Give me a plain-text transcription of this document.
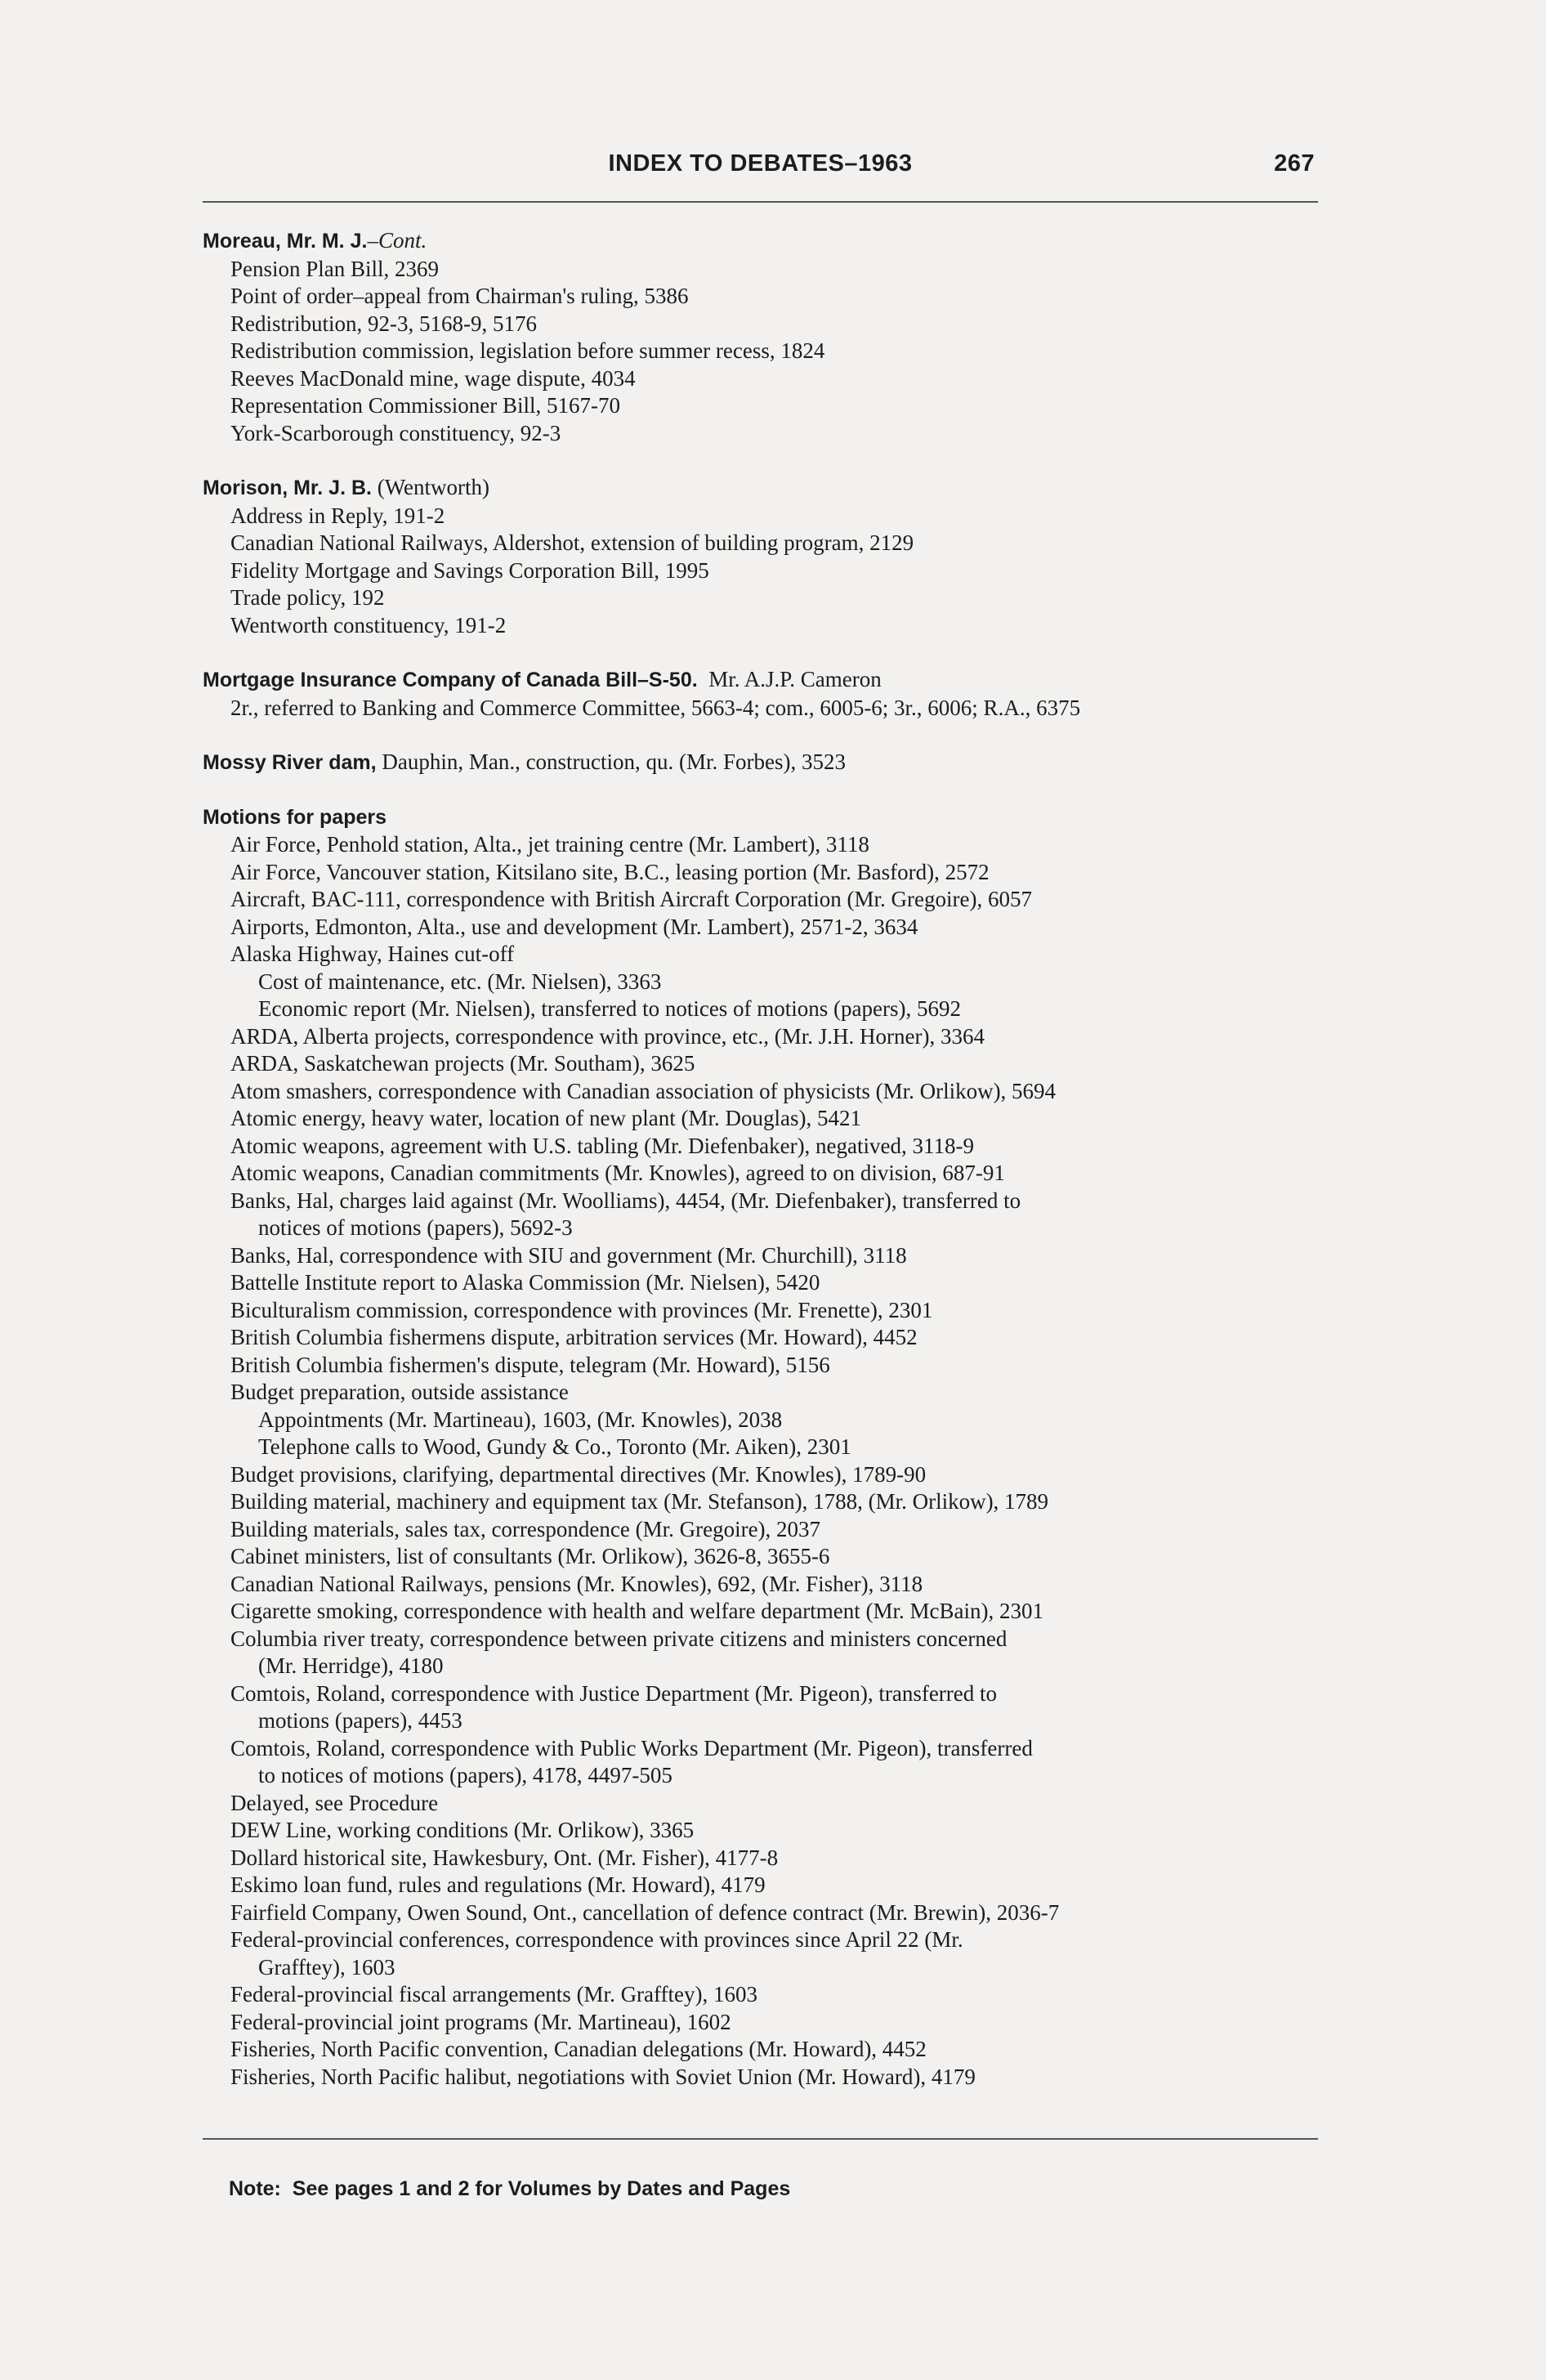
INDEX TO DEBATES–1963	267
Moreau, Mr. M. J.–Cont.
Pension Plan Bill, 2369
Point of order–appeal from Chairman's ruling, 5386
Redistribution, 92-3, 5168-9, 5176
Redistribution commission, legislation before summer recess, 1824
Reeves MacDonald mine, wage dispute, 4034
Representation Commissioner Bill, 5167-70
York-Scarborough constituency, 92-3
Morison, Mr. J. B. (Wentworth)
Address in Reply, 191-2
Canadian National Railways, Aldershot, extension of building program, 2129
Fidelity Mortgage and Savings Corporation Bill, 1995
Trade policy, 192
Wentworth constituency, 191-2
Mortgage Insurance Company of Canada Bill–S-50.  Mr. A.J.P. Cameron
2r., referred to Banking and Commerce Committee, 5663-4; com., 6005-6; 3r., 6006; R.A., 6375
Mossy River dam, Dauphin, Man., construction, qu. (Mr. Forbes), 3523
Motions for papers
Air Force, Penhold station, Alta., jet training centre (Mr. Lambert), 3118
Air Force, Vancouver station, Kitsilano site, B.C., leasing portion (Mr. Basford), 2572
Aircraft, BAC-111, correspondence with British Aircraft Corporation (Mr. Gregoire), 6057
Airports, Edmonton, Alta., use and development (Mr. Lambert), 2571-2, 3634
Alaska Highway, Haines cut-off
Cost of maintenance, etc. (Mr. Nielsen), 3363
Economic report (Mr. Nielsen), transferred to notices of motions (papers), 5692
ARDA, Alberta projects, correspondence with province, etc., (Mr. J.H. Horner), 3364
ARDA, Saskatchewan projects (Mr. Southam), 3625
Atom smashers, correspondence with Canadian association of physicists (Mr. Orlikow), 5694
Atomic energy, heavy water, location of new plant (Mr. Douglas), 5421
Atomic weapons, agreement with U.S. tabling (Mr. Diefenbaker), negatived, 3118-9
Atomic weapons, Canadian commitments (Mr. Knowles), agreed to on division, 687-91
Banks, Hal, charges laid against (Mr. Woolliams), 4454, (Mr. Diefenbaker), transferred to
notices of motions (papers), 5692-3
Banks, Hal, correspondence with SIU and government (Mr. Churchill), 3118
Battelle Institute report to Alaska Commission (Mr. Nielsen), 5420
Biculturalism commission, correspondence with provinces (Mr. Frenette), 2301
British Columbia fishermens dispute, arbitration services (Mr. Howard), 4452
British Columbia fishermen's dispute, telegram (Mr. Howard), 5156
Budget preparation, outside assistance
Appointments (Mr. Martineau), 1603, (Mr. Knowles), 2038
Telephone calls to Wood, Gundy & Co., Toronto (Mr. Aiken), 2301
Budget provisions, clarifying, departmental directives (Mr. Knowles), 1789-90
Building material, machinery and equipment tax (Mr. Stefanson), 1788, (Mr. Orlikow), 1789
Building materials, sales tax, correspondence (Mr. Gregoire), 2037
Cabinet ministers, list of consultants (Mr. Orlikow), 3626-8, 3655-6
Canadian National Railways, pensions (Mr. Knowles), 692, (Mr. Fisher), 3118
Cigarette smoking, correspondence with health and welfare department (Mr. McBain), 2301
Columbia river treaty, correspondence between private citizens and ministers concerned
(Mr. Herridge), 4180
Comtois, Roland, correspondence with Justice Department (Mr. Pigeon), transferred to
motions (papers), 4453
Comtois, Roland, correspondence with Public Works Department (Mr. Pigeon), transferred
to notices of motions (papers), 4178, 4497-505
Delayed, see Procedure
DEW Line, working conditions (Mr. Orlikow), 3365
Dollard historical site, Hawkesbury, Ont. (Mr. Fisher), 4177-8
Eskimo loan fund, rules and regulations (Mr. Howard), 4179
Fairfield Company, Owen Sound, Ont., cancellation of defence contract (Mr. Brewin), 2036-7
Federal-provincial conferences, correspondence with provinces since April 22 (Mr.
Grafftey), 1603
Federal-provincial fiscal arrangements (Mr. Grafftey), 1603
Federal-provincial joint programs (Mr. Martineau), 1602
Fisheries, North Pacific convention, Canadian delegations (Mr. Howard), 4452
Fisheries, North Pacific halibut, negotiations with Soviet Union (Mr. Howard), 4179
Note:  See pages 1 and 2 for Volumes by Dates and Pages
